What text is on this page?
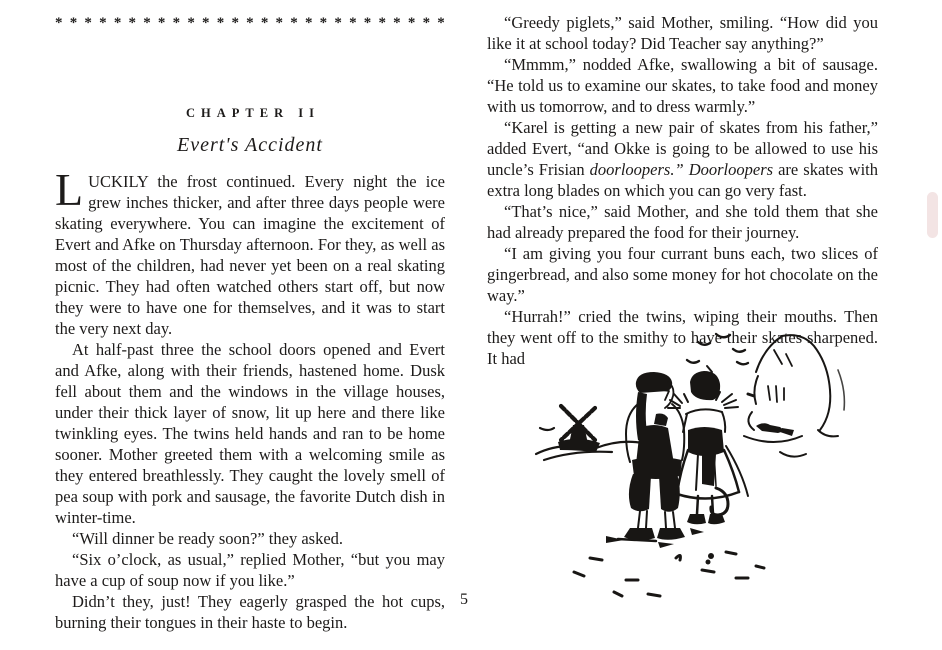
* * * * * * * * * * * * * * * * * * * * * * * * * * *
CHAPTER II
Evert's Accident

LUCKILY the frost continued. Every night the ice grew inches thicker, and after three days people were skating everywhere. You can imagine the excitement of Evert and Afke on Thursday afternoon. For they, as well as most of the children, had never yet been on a real skating picnic. They had often watched others start off, but now they were to have one for themselves, and it was to start the very next day.

At half-past three the school doors opened and Evert and Afke, along with their friends, hastened home. Dusk fell about them and the windows in the village houses, under their thick layer of snow, lit up here and there like twinkling eyes. The twins held hands and ran to be home sooner. Mother greeted them with a welcoming smile as they entered breathlessly. They caught the lovely smell of pea soup with pork and sausage, the favorite Dutch dish in winter-time.

“Will dinner be ready soon?” they asked.

“Six o’clock, as usual,” replied Mother, “but you may have a cup of soup now if you like.”

Didn’t they, just! They eagerly grasped the hot cups, burning their tongues in their haste to begin.

“Greedy piglets,” said Mother, smiling. “How did you like it at school today? Did Teacher say anything?”

“Mmmm,” nodded Afke, swallowing a bit of sausage. “He told us to examine our skates, to take food and money with us tomorrow, and to dress warmly.”

“Karel is getting a new pair of skates from his father,” added Evert, “and Okke is going to be allowed to use his uncle’s Frisian doorloopers.” Doorloopers are skates with extra long blades on which you can go very fast.

“That’s nice,” said Mother, and she told them that she had already prepared the food for their journey.

“I am giving you four currant buns each, two slices of gingerbread, and also some money for hot chocolate on the way.”

“Hurrah!” cried the twins, wiping their mouths. Then they went off to the smithy to have their skates sharpened. It had

5
